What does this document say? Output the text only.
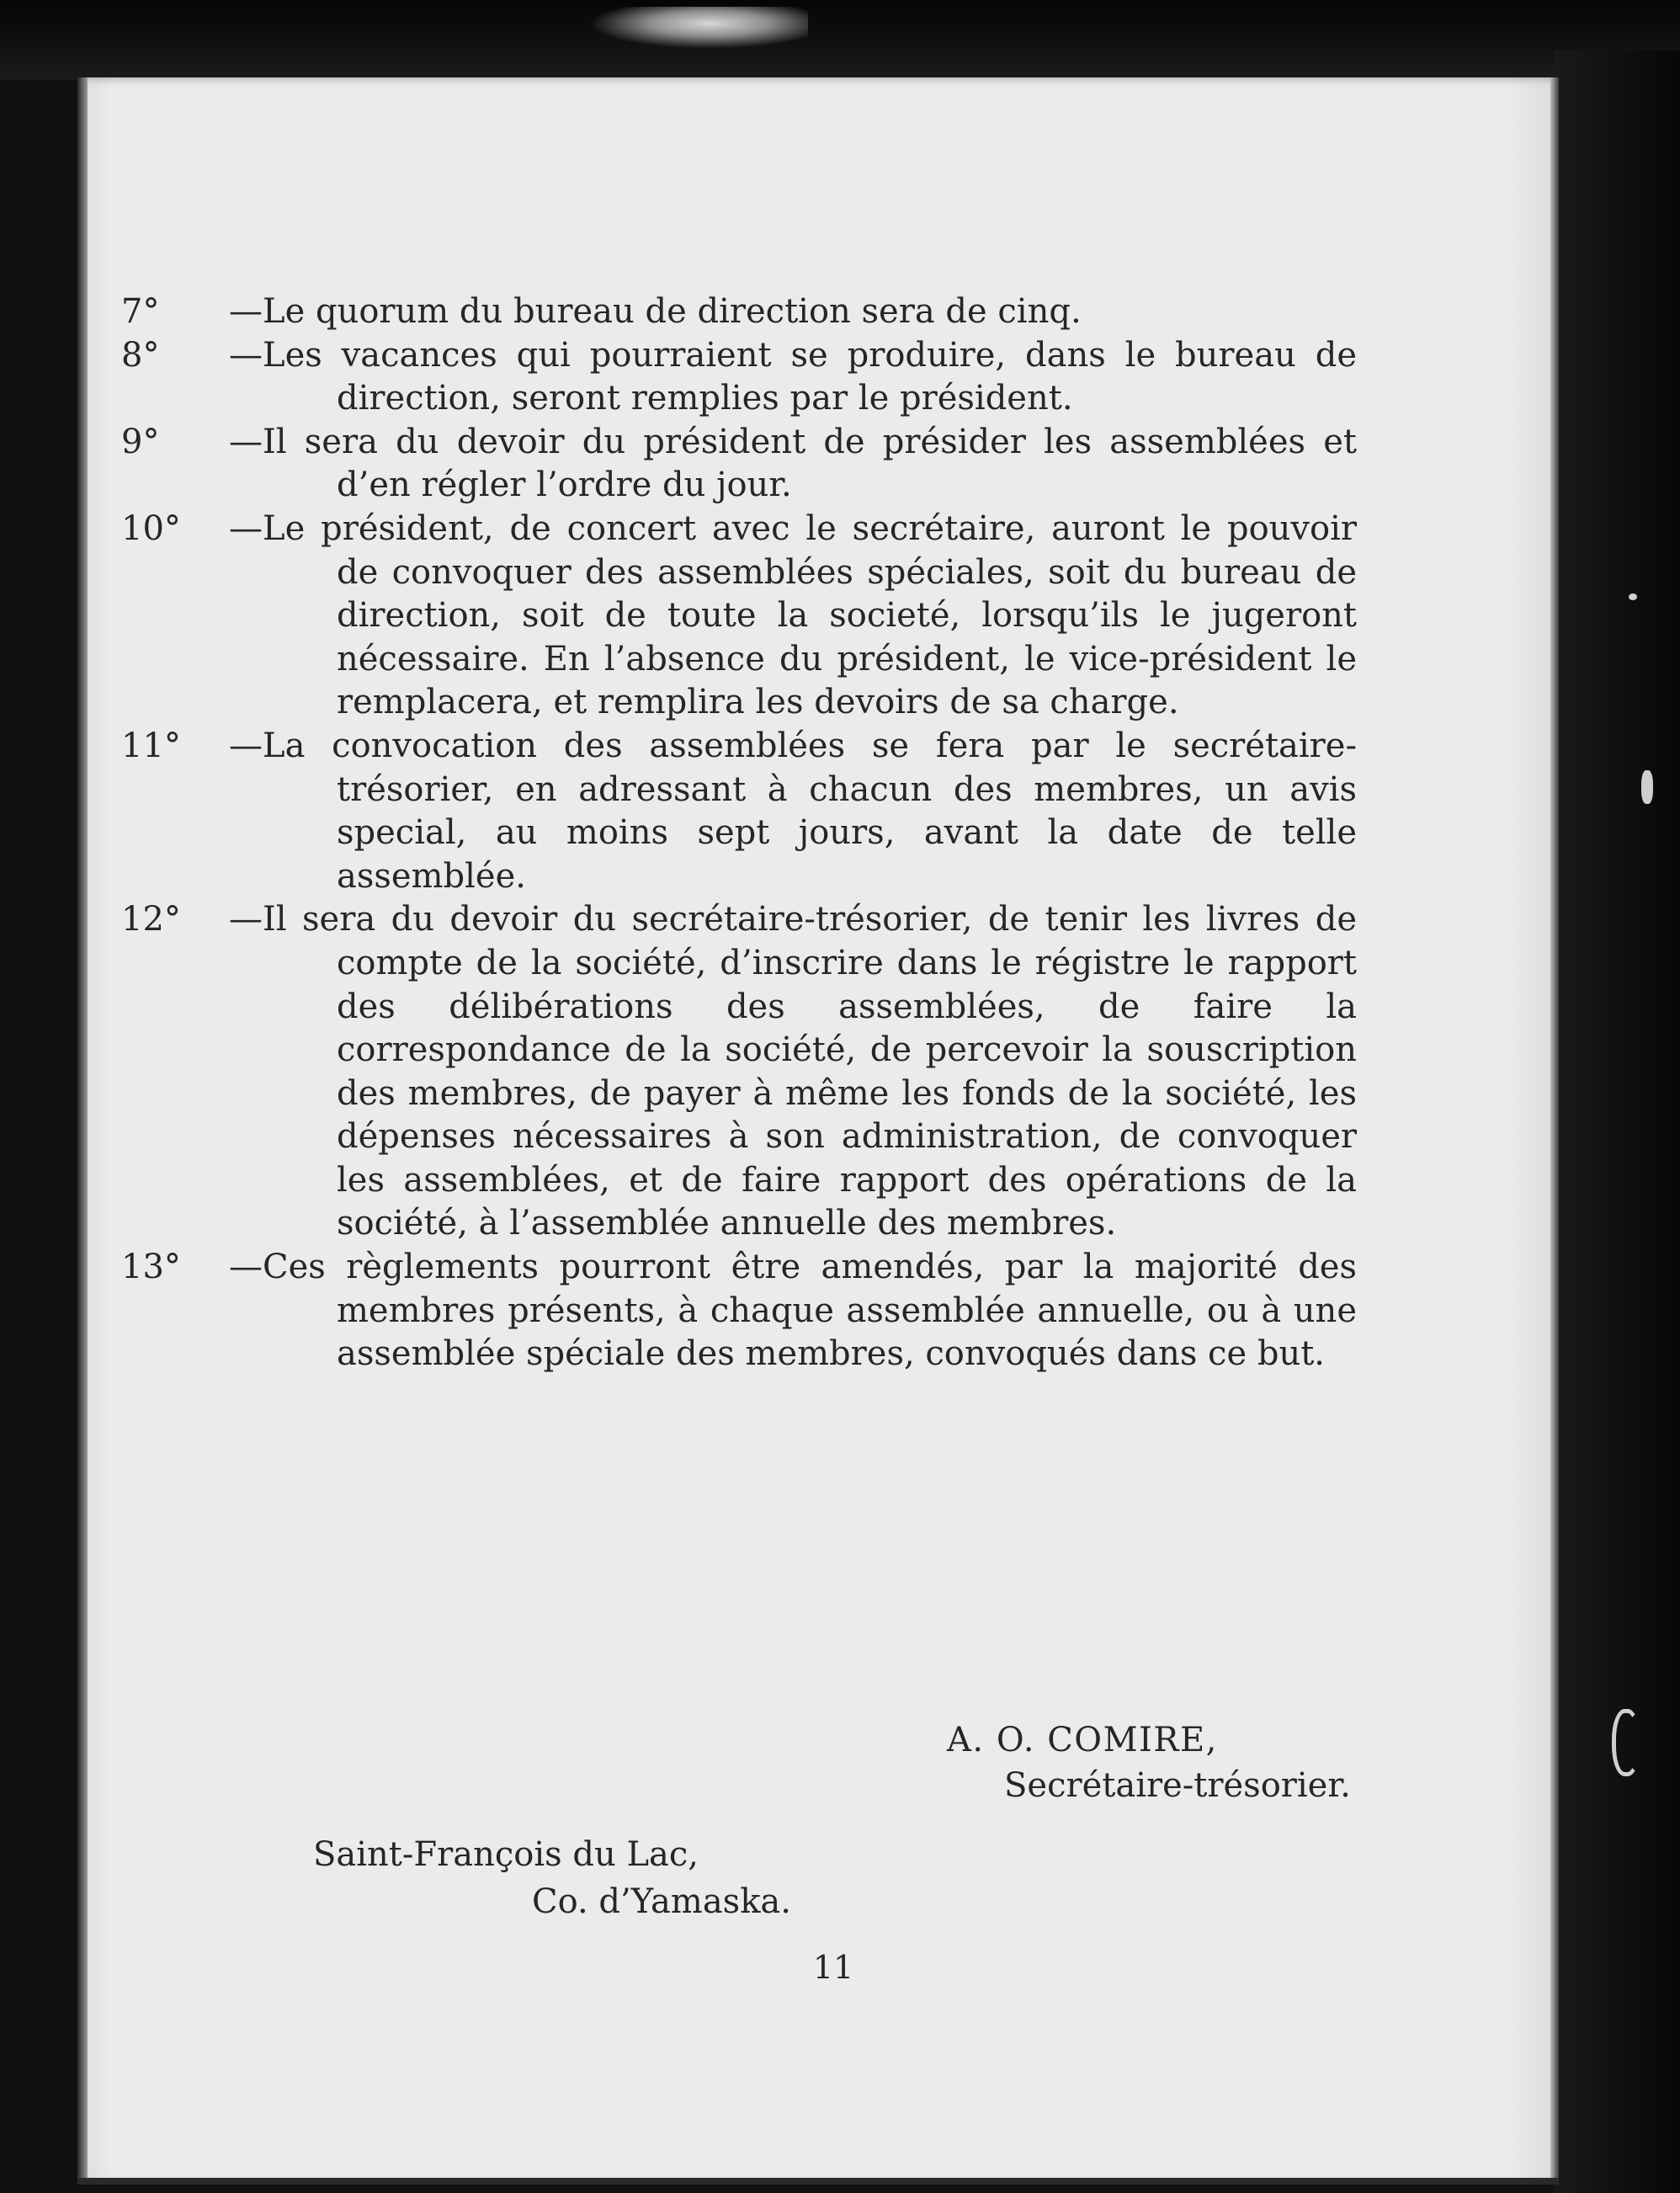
—Le quorum du bureau de direction sera de cinq.

—Les vacances qui pourraient se produire, dans le bureau de direction, seront remplies par le président.

—Il sera du devoir du président de présider les assemblées et d’en régler l’ordre du jour.

—Le président, de concert avec le secrétaire, auront le pouvoir de convoquer des assemblées spéciales, soit du bureau de direction, soit de toute la societé, lorsqu’ils le jugeront nécessaire. En l’absence du président, le vice-président le remplacera, et remplira les devoirs de sa charge.

—La convocation des assemblées se fera par le secrétaire-trésorier, en adressant à chacun des membres, un avis special, au moins sept jours, avant la date de telle assemblée.

—Il sera du devoir du secrétaire-trésorier, de tenir les livres de compte de la société, d’inscrire dans le régistre le rapport des délibérations des assemblées, de faire la correspondance de la société, de percevoir la souscription des membres, de payer à même les fonds de la société, les dépenses nécessaires à son administration, de convoquer les assemblées, et de faire rapport des opérations de la société, à l’assemblée annuelle des membres.

—Ces règlements pourront être amendés, par la majorité des membres présents, à chaque assemblée annuelle, ou à une assemblée spéciale des membres, convoqués dans ce but.

A. O. COMIRE,
Secrétaire-trésorier.
Saint-François du Lac,
Co. d’Yamaska.
11
